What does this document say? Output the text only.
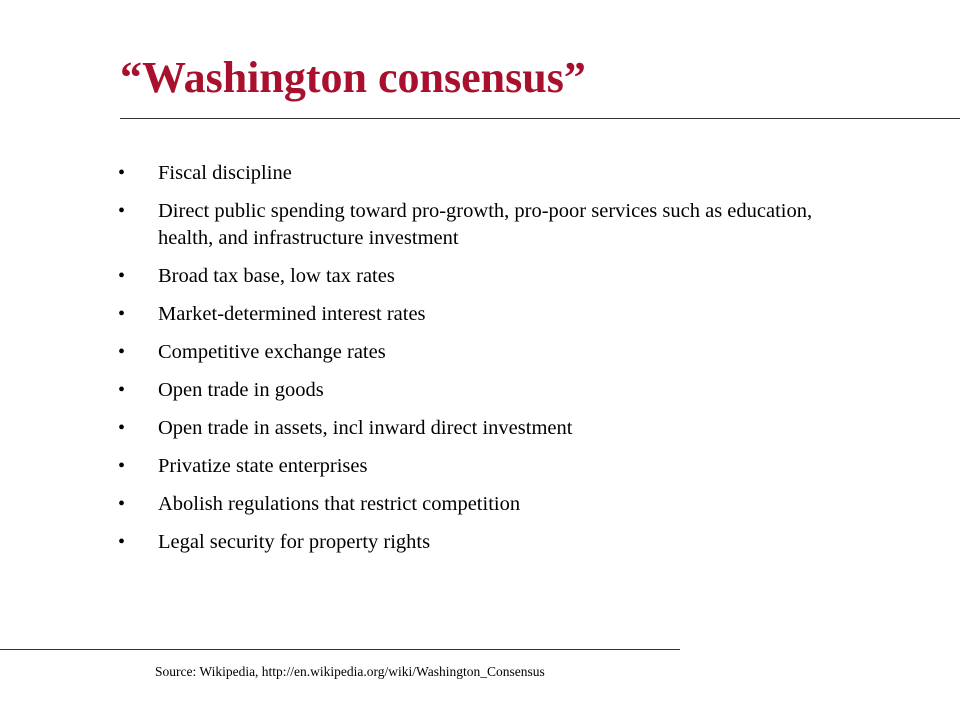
“Washington consensus”
•	Fiscal discipline
•	Direct public spending toward pro-growth, pro-poor services such as education, health, and infrastructure investment
•	Broad tax base, low tax rates
•	Market-determined interest rates
•	Competitive exchange rates
•	Open trade in goods
•	Open trade in assets, incl inward direct investment
•	Privatize state enterprises
•	Abolish regulations that restrict competition
•	Legal security for property rights
Source: Wikipedia, http://en.wikipedia.org/wiki/Washington_Consensus
